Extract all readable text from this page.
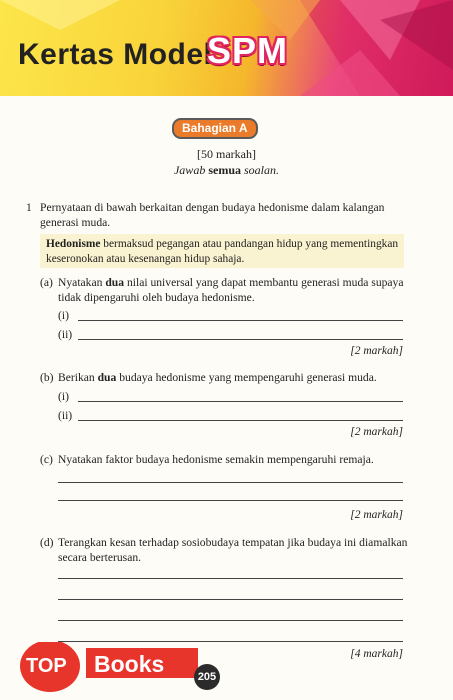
Kertas Model
SPM
Bahagian A
[50 markah]
Jawab semua soalan.
1 Pernyataan di bawah berkaitan dengan budaya hedonisme dalam kalangan
generasi muda.
Hedonisme bermaksud pegangan atau pandangan hidup yang mementingkan
keseronokan atau kesenangan hidup sahaja.
(a) Nyatakan dua nilai universal yang dapat membantu generasi muda supaya
tidak dipengaruhi oleh budaya hedonisme.
(i)
(ii)
[2 markah]
(b) Berikan dua budaya hedonisme yang mempengaruhi generasi muda.
(i)
(ii)
[2 markah]
(c) Nyatakan faktor budaya hedonisme semakin mempengaruhi remaja.
[2 markah]
(d) Terangkan kesan terhadap sosiobudaya tempatan jika budaya ini diamalkan
secara berterusan.
[4 markah]
TOP Books	205
